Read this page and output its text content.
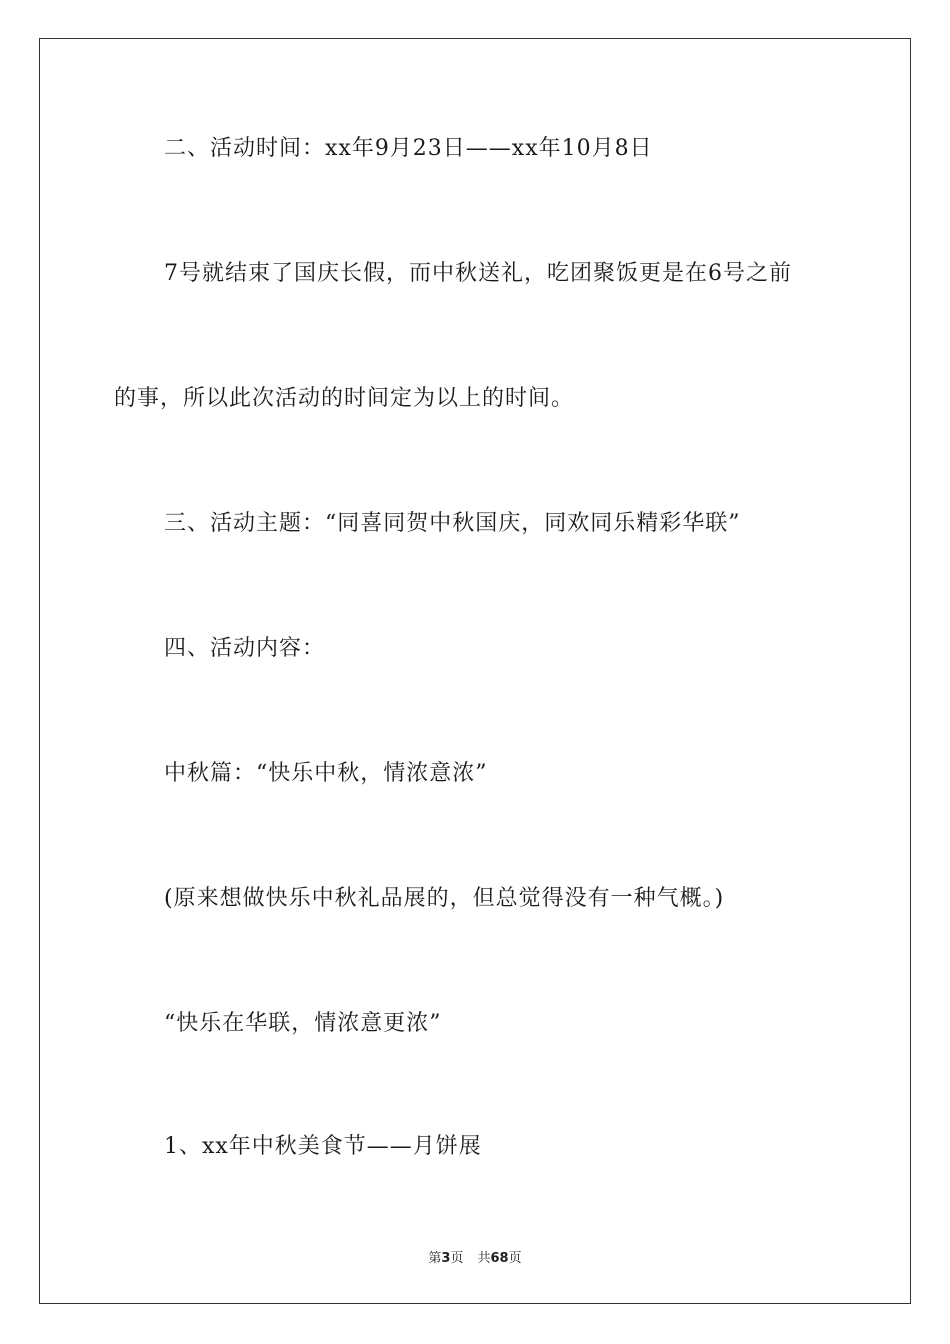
二、活动时间：xx年9月23日——xx年10月8日
7号就结束了国庆长假，而中秋送礼，吃团聚饭更是在6号之前
的事，所以此次活动的时间定为以上的时间。
三、活动主题：“同喜同贺中秋国庆，同欢同乐精彩华联”
四、活动内容：
中秋篇：“快乐中秋，情浓意浓”
(原来想做快乐中秋礼品展的，但总觉得没有一种气概。)
“快乐在华联，情浓意更浓”
1、xx年中秋美食节——月饼展
第3页 共68页
